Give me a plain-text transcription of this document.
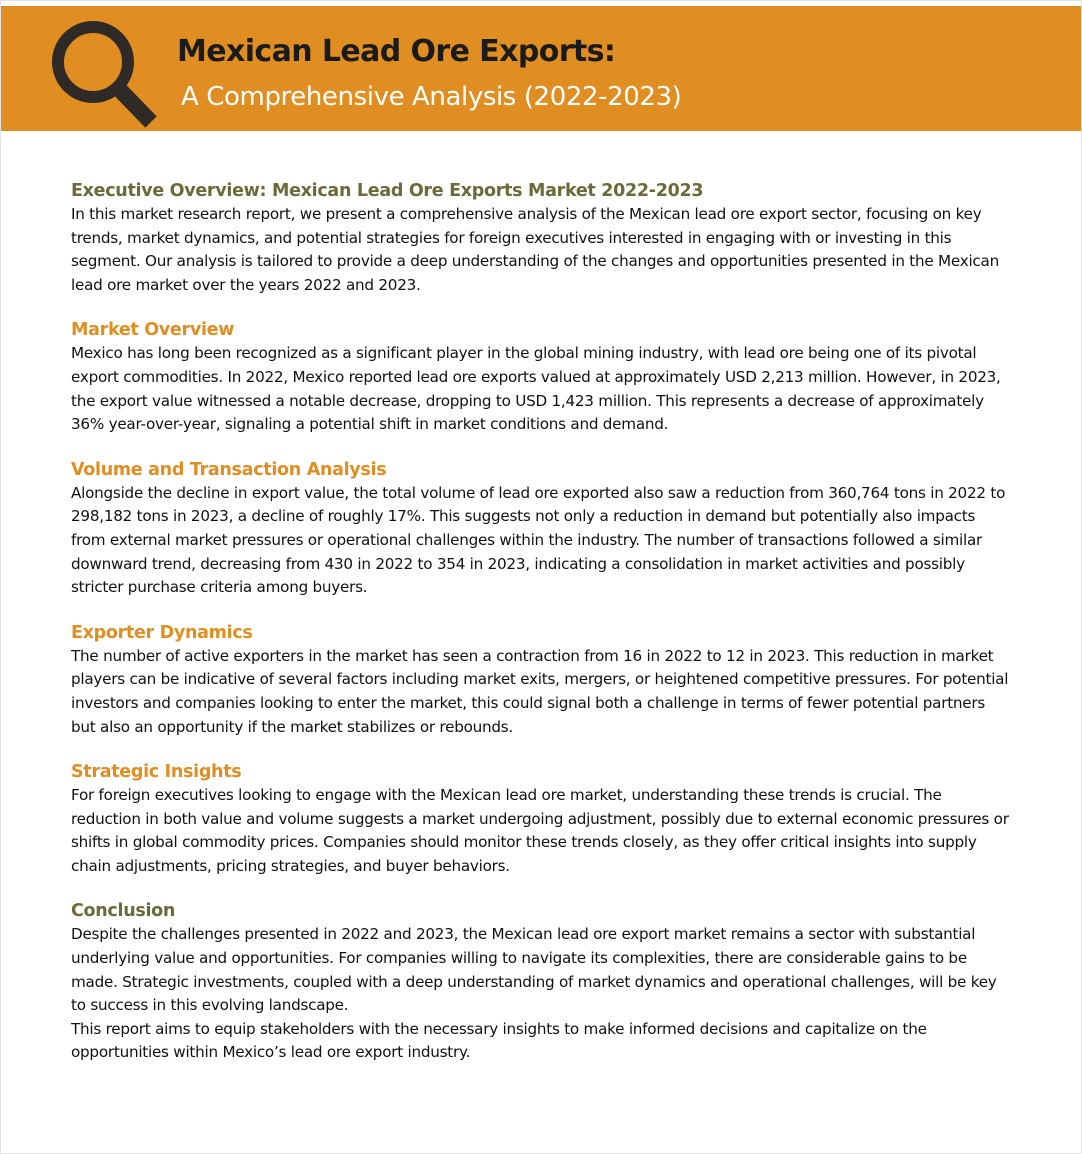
Mexican Lead Ore Exports:
A Comprehensive Analysis (2022-2023)
Executive Overview: Mexican Lead Ore Exports Market 2022-2023

In this market research report, we present a comprehensive analysis of the Mexican lead ore export sector, focusing on key trends, market dynamics, and potential strategies for foreign executives interested in engaging with or investing in this segment. Our analysis is tailored to provide a deep understanding of the changes and opportunities presented in the Mexican lead ore market over the years 2022 and 2023.

Market Overview

Mexico has long been recognized as a significant player in the global mining industry, with lead ore being one of its pivotal export commodities. In 2022, Mexico reported lead ore exports valued at approximately USD 2,213 million. However, in 2023, the export value witnessed a notable decrease, dropping to USD 1,423 million. This represents a decrease of approximately 36% year-over-year, signaling a potential shift in market conditions and demand.

Volume and Transaction Analysis

Alongside the decline in export value, the total volume of lead ore exported also saw a reduction from 360,764 tons in 2022 to 298,182 tons in 2023, a decline of roughly 17%. This suggests not only a reduction in demand but potentially also impacts from external market pressures or operational challenges within the industry. The number of transactions followed a similar downward trend, decreasing from 430 in 2022 to 354 in 2023, indicating a consolidation in market activities and possibly stricter purchase criteria among buyers.

Exporter Dynamics

The number of active exporters in the market has seen a contraction from 16 in 2022 to 12 in 2023. This reduction in market players can be indicative of several factors including market exits, mergers, or heightened competitive pressures. For potential investors and companies looking to enter the market, this could signal both a challenge in terms of fewer potential partners but also an opportunity if the market stabilizes or rebounds.

Strategic Insights

For foreign executives looking to engage with the Mexican lead ore market, understanding these trends is crucial. The reduction in both value and volume suggests a market undergoing adjustment, possibly due to external economic pressures or shifts in global commodity prices. Companies should monitor these trends closely, as they offer critical insights into supply chain adjustments, pricing strategies, and buyer behaviors.

Conclusion

Despite the challenges presented in 2022 and 2023, the Mexican lead ore export market remains a sector with substantial underlying value and opportunities. For companies willing to navigate its complexities, there are considerable gains to be made. Strategic investments, coupled with a deep understanding of market dynamics and operational challenges, will be key to success in this evolving landscape.

This report aims to equip stakeholders with the necessary insights to make informed decisions and capitalize on the opportunities within Mexico’s lead ore export industry.
